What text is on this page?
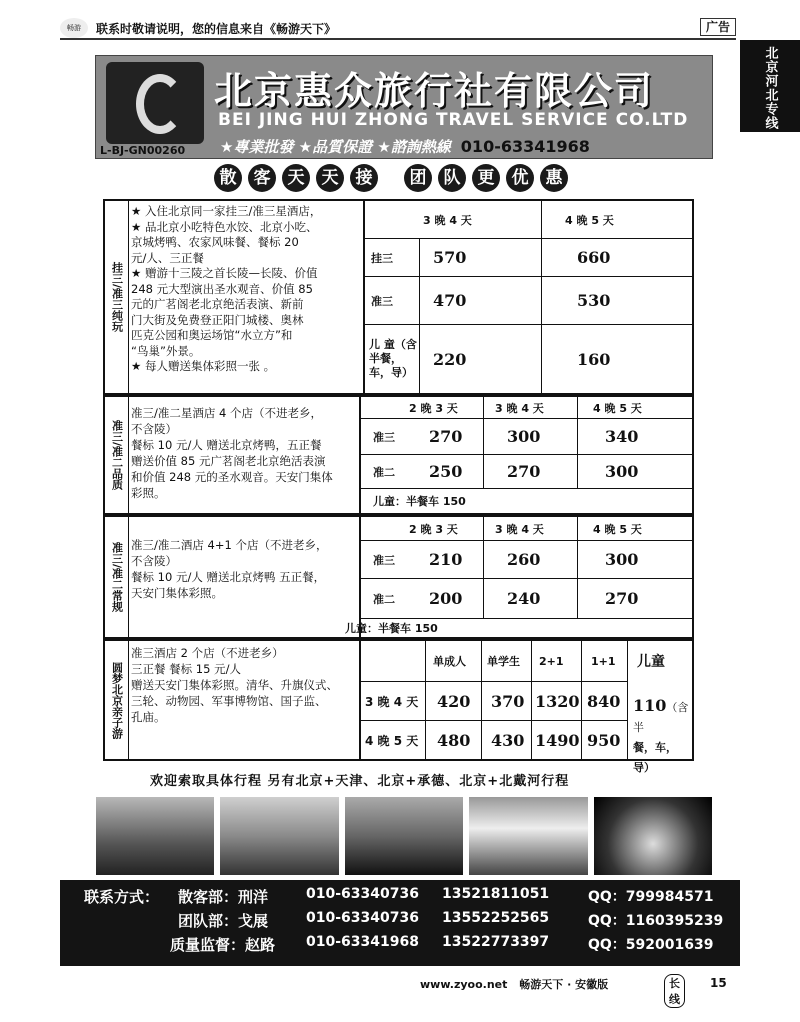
畅游	联系时敬请说明，您的信息来自《畅游天下》	广告
北京河北专线
L-BJ-GN00260
北京惠众旅行社有限公司
BEI JING HUI ZHONG TRAVEL SERVICE CO.LTD
★專業批發 ★品質保證 ★諮詢熱線 010-63341968
散	客	天	天	接	团	队	更	优	惠
挂三/准三纯玩
★ 入住北京同一家挂三/准三星酒店，
★ 品北京小吃特色水饺、北京小吃、
京城烤鸭、农家风味餐、餐标 20
元/人、三正餐
★ 赠游十三陵之首长陵—长陵、价值
248 元大型演出圣水观音、价值 85
元的广茗阁老北京绝活表演、新前
门大街及免费登正阳门城楼、奥林
匹克公园和奥运场馆“水立方”和
“鸟巢”外景。
★ 每人赠送集体彩照一张 。
3 晚 4 天	4 晚 5 天
挂三	570	660
准三	470	530
儿 童（含半餐，车，导）
220	160
准三/准二品质
准三/准二星酒店 4 个店（不进老乡，
不含陵）
餐标 10 元/人 赠送北京烤鸭，五正餐
赠送价值 85 元广茗阁老北京绝活表演
和价值 248 元的圣水观音。天安门集体
彩照。
2 晚 3 天	3 晚 4 天	4 晚 5 天
准三 270	300	340
准二 250	270	300
儿童：半餐车 150
准三/准二常规 准三/准二酒店 4+1 个店（不进老乡，
不含陵）
餐标 10 元/人 赠送北京烤鸭 五正餐，
天安门集体彩照。
2 晚 3 天	3 晚 4 天	4 晚 5 天
准三 210	260	300
准二 200	240	270
儿童：半餐车 150
圆梦北京亲子游
准三酒店 2 个店（不进老乡）
三正餐 餐标 15 元/人
赠送天安门集体彩照。清华、升旗仪式、
三轮、动物园、军事博物馆、国子监、
孔庙。
单成人 单学生 2+1 1+1 儿童
3 晚 4 天 420 370 1320 840
4 晚 5 天 480 430 1490 950
110（含半
餐，车，导）
欢迎索取具体行程 另有北京+天津、北京+承德、北京+北戴河行程
联系方式： 散客部：刑洋	010-63340736 13521811051	QQ：799984571
团队部：戈展	010-63340736 13552252565	QQ：1160395239
质量监督：赵路 010-63341968 13522773397	QQ：592001639
www.zyoo.net 畅游天下 · 安徽版	长线
15
